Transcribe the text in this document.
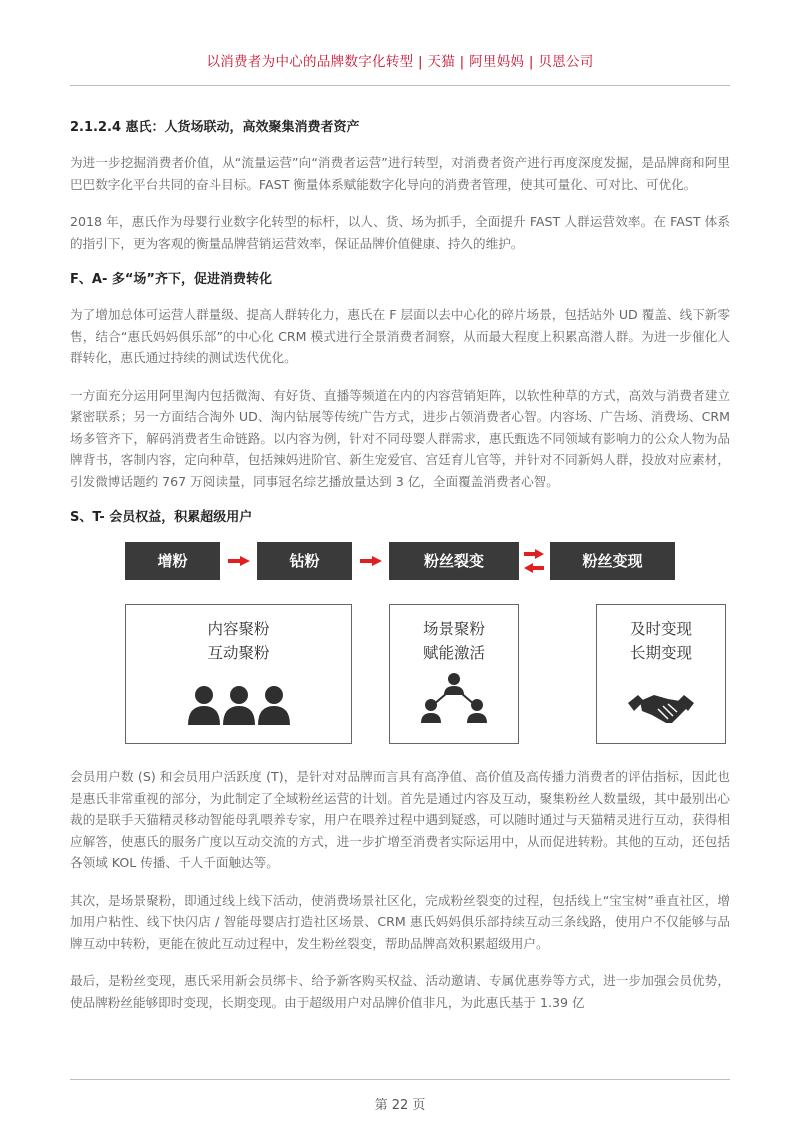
以消费者为中心的品牌数字化转型 | 天猫 | 阿里妈妈 | 贝恩公司
2.1.2.4 惠氏：人货场联动，高效聚集消费者资产
为进一步挖掘消费者价值，从“流量运营”向“消费者运营”进行转型，对消费者资产进行再度深度发掘，是品牌商和阿里巴巴数字化平台共同的奋斗目标。FAST 衡量体系赋能数字化导向的消费者管理，使其可量化、可对比、可优化。
2018 年，惠氏作为母婴行业数字化转型的标杆，以人、货、场为抓手，全面提升 FAST 人群运营效率。在 FAST 体系的指引下，更为客观的衡量品牌营销运营效率，保证品牌价值健康、持久的维护。
F、A- 多“场”齐下，促进消费转化
为了增加总体可运营人群量级、提高人群转化力，惠氏在 F 层面以去中心化的碎片场景，包括站外 UD 覆盖、线下新零售，结合“惠氏妈妈俱乐部”的中心化 CRM 模式进行全景消费者洞察，从而最大程度上积累高潜人群。为进一步催化人群转化，惠氏通过持续的测试迭代优化。
一方面充分运用阿里淘内包括微淘、有好货、直播等频道在内的内容营销矩阵，以软性种草的方式，高效与消费者建立紧密联系；另一方面结合淘外 UD、淘内钻展等传统广告方式，进步占领消费者心智。内容场、广告场、消费场、CRM 场多管齐下，解码消费者生命链路。以内容为例，针对不同母婴人群需求，惠氏甄选不同领域有影响力的公众人物为品牌背书，客制内容，定向种草，包括辣妈进阶官、新生宠爱官、宫廷育儿官等，并针对不同新妈人群，投放对应素材，引发微博话题约 767 万阅读量，同事冠名综艺播放量达到 3 亿，全面覆盖消费者心智。
S、T- 会员权益，积累超级用户
增粉	钻粉	粉丝裂变	粉丝变现
内容聚粉
互动聚粉
场景聚粉
赋能激活
及时变现
长期变现
会员用户数 (S) 和会员用户活跃度 (T)，是针对对品牌而言具有高净值、高价值及高传播力消费者的评估指标，因此也是惠氏非常重视的部分，为此制定了全域粉丝运营的计划。首先是通过内容及互动，聚集粉丝人数量级，其中最别出心裁的是联手天猫精灵移动智能母乳喂养专家，用户在喂养过程中遇到疑惑，可以随时通过与天猫精灵进行互动，获得相应解答，使惠氏的服务广度以互动交流的方式，进一步扩增至消费者实际运用中，从而促进转粉。其他的互动，还包括各领域 KOL 传播、千人千面触达等。
其次，是场景聚粉，即通过线上线下活动，使消费场景社区化，完成粉丝裂变的过程，包括线上“宝宝树”垂直社区，增加用户粘性、线下快闪店 / 智能母婴店打造社区场景、CRM 惠氏妈妈俱乐部持续互动三条线路，使用户不仅能够与品牌互动中转粉，更能在彼此互动过程中，发生粉丝裂变，帮助品牌高效积累超级用户。
最后，是粉丝变现，惠氏采用新会员绑卡、给予新客购买权益、活动邀请、专属优惠券等方式，进一步加强会员优势，使品牌粉丝能够即时变现，长期变现。由于超级用户对品牌价值非凡，为此惠氏基于 1.39 亿
第 22 页
